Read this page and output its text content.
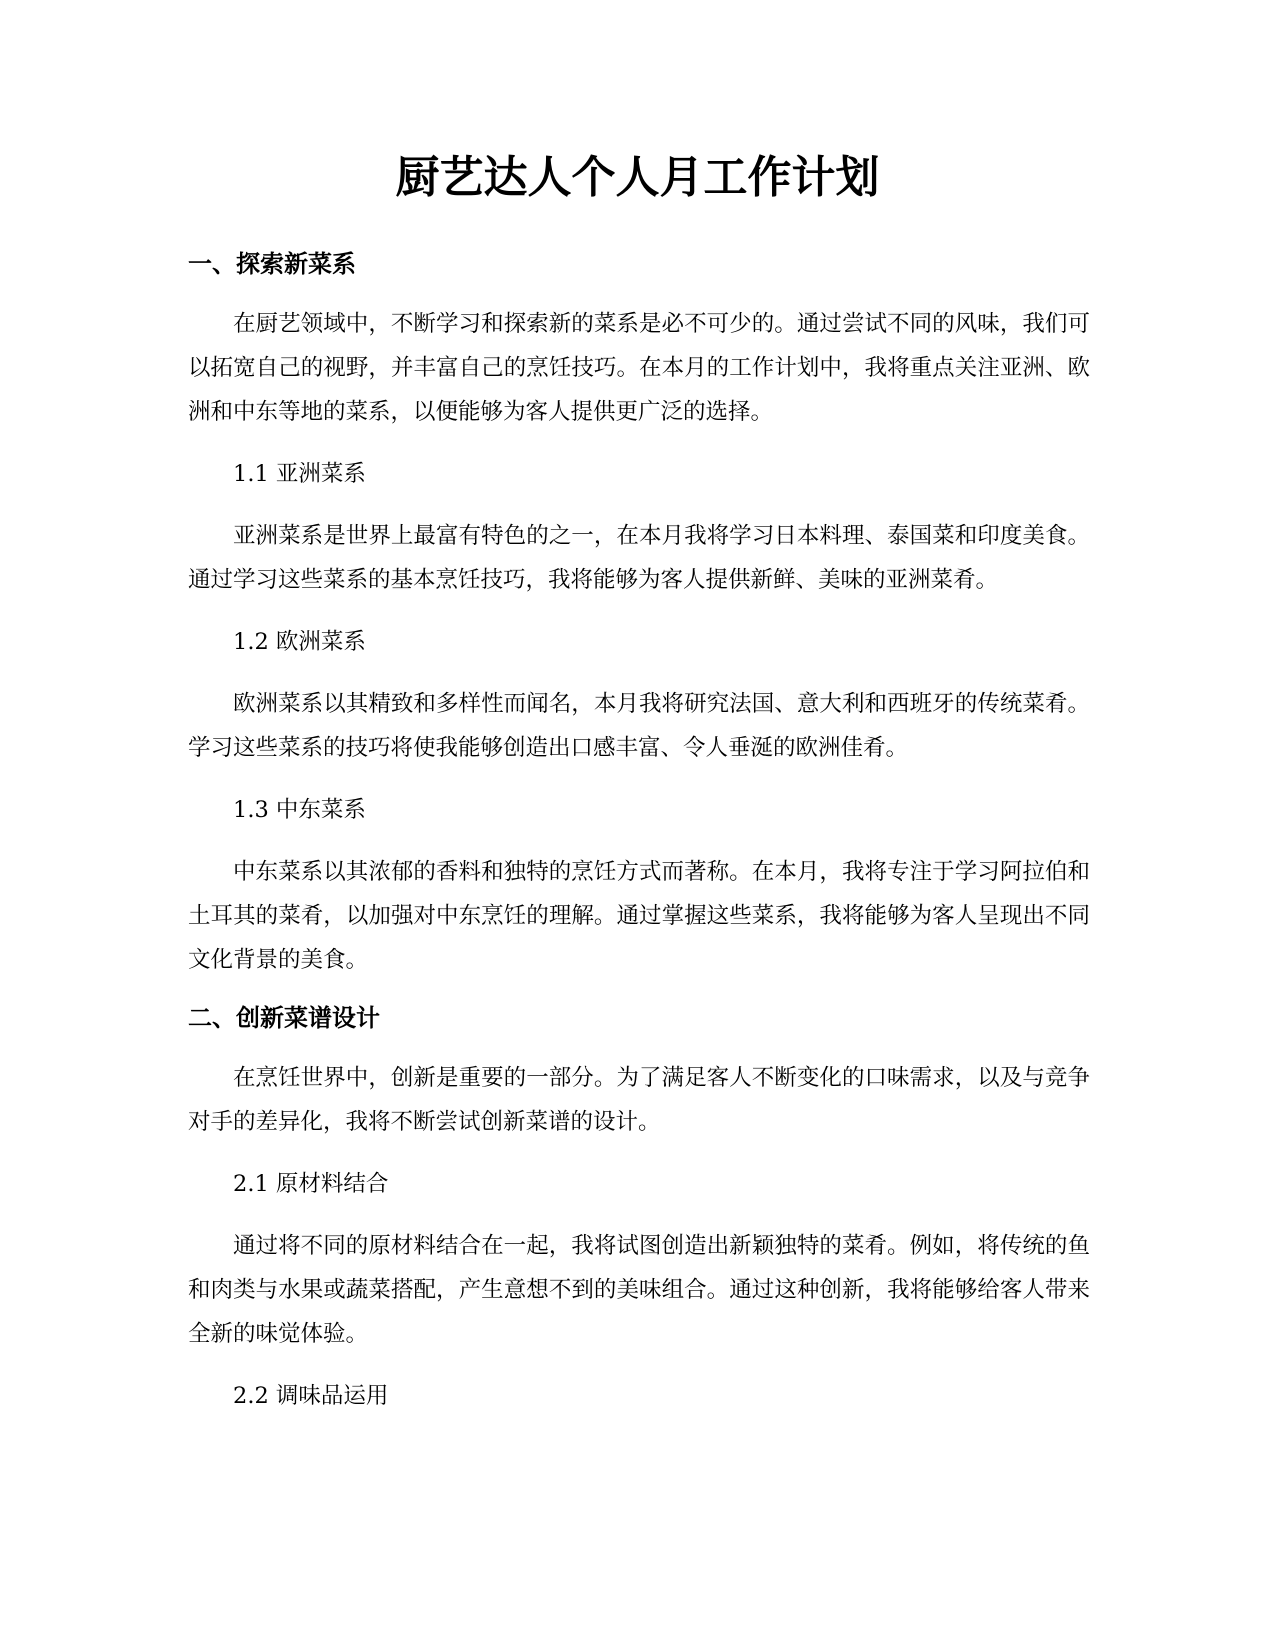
厨艺达人个人月工作计划
一、探索新菜系

在厨艺领域中，不断学习和探索新的菜系是必不可少的。通过尝试不同的风味，我们可以拓宽自己的视野，并丰富自己的烹饪技巧。在本月的工作计划中，我将重点关注亚洲、欧洲和中东等地的菜系，以便能够为客人提供更广泛的选择。

1.1 亚洲菜系

亚洲菜系是世界上最富有特色的之一，在本月我将学习日本料理、泰国菜和印度美食。通过学习这些菜系的基本烹饪技巧，我将能够为客人提供新鲜、美味的亚洲菜肴。

1.2 欧洲菜系

欧洲菜系以其精致和多样性而闻名，本月我将研究法国、意大利和西班牙的传统菜肴。学习这些菜系的技巧将使我能够创造出口感丰富、令人垂涎的欧洲佳肴。

1.3 中东菜系

中东菜系以其浓郁的香料和独特的烹饪方式而著称。在本月，我将专注于学习阿拉伯和土耳其的菜肴，以加强对中东烹饪的理解。通过掌握这些菜系，我将能够为客人呈现出不同文化背景的美食。

二、创新菜谱设计

在烹饪世界中，创新是重要的一部分。为了满足客人不断变化的口味需求，以及与竞争对手的差异化，我将不断尝试创新菜谱的设计。

2.1 原材料结合

通过将不同的原材料结合在一起，我将试图创造出新颖独特的菜肴。例如，将传统的鱼和肉类与水果或蔬菜搭配，产生意想不到的美味组合。通过这种创新，我将能够给客人带来全新的味觉体验。

2.2 调味品运用
